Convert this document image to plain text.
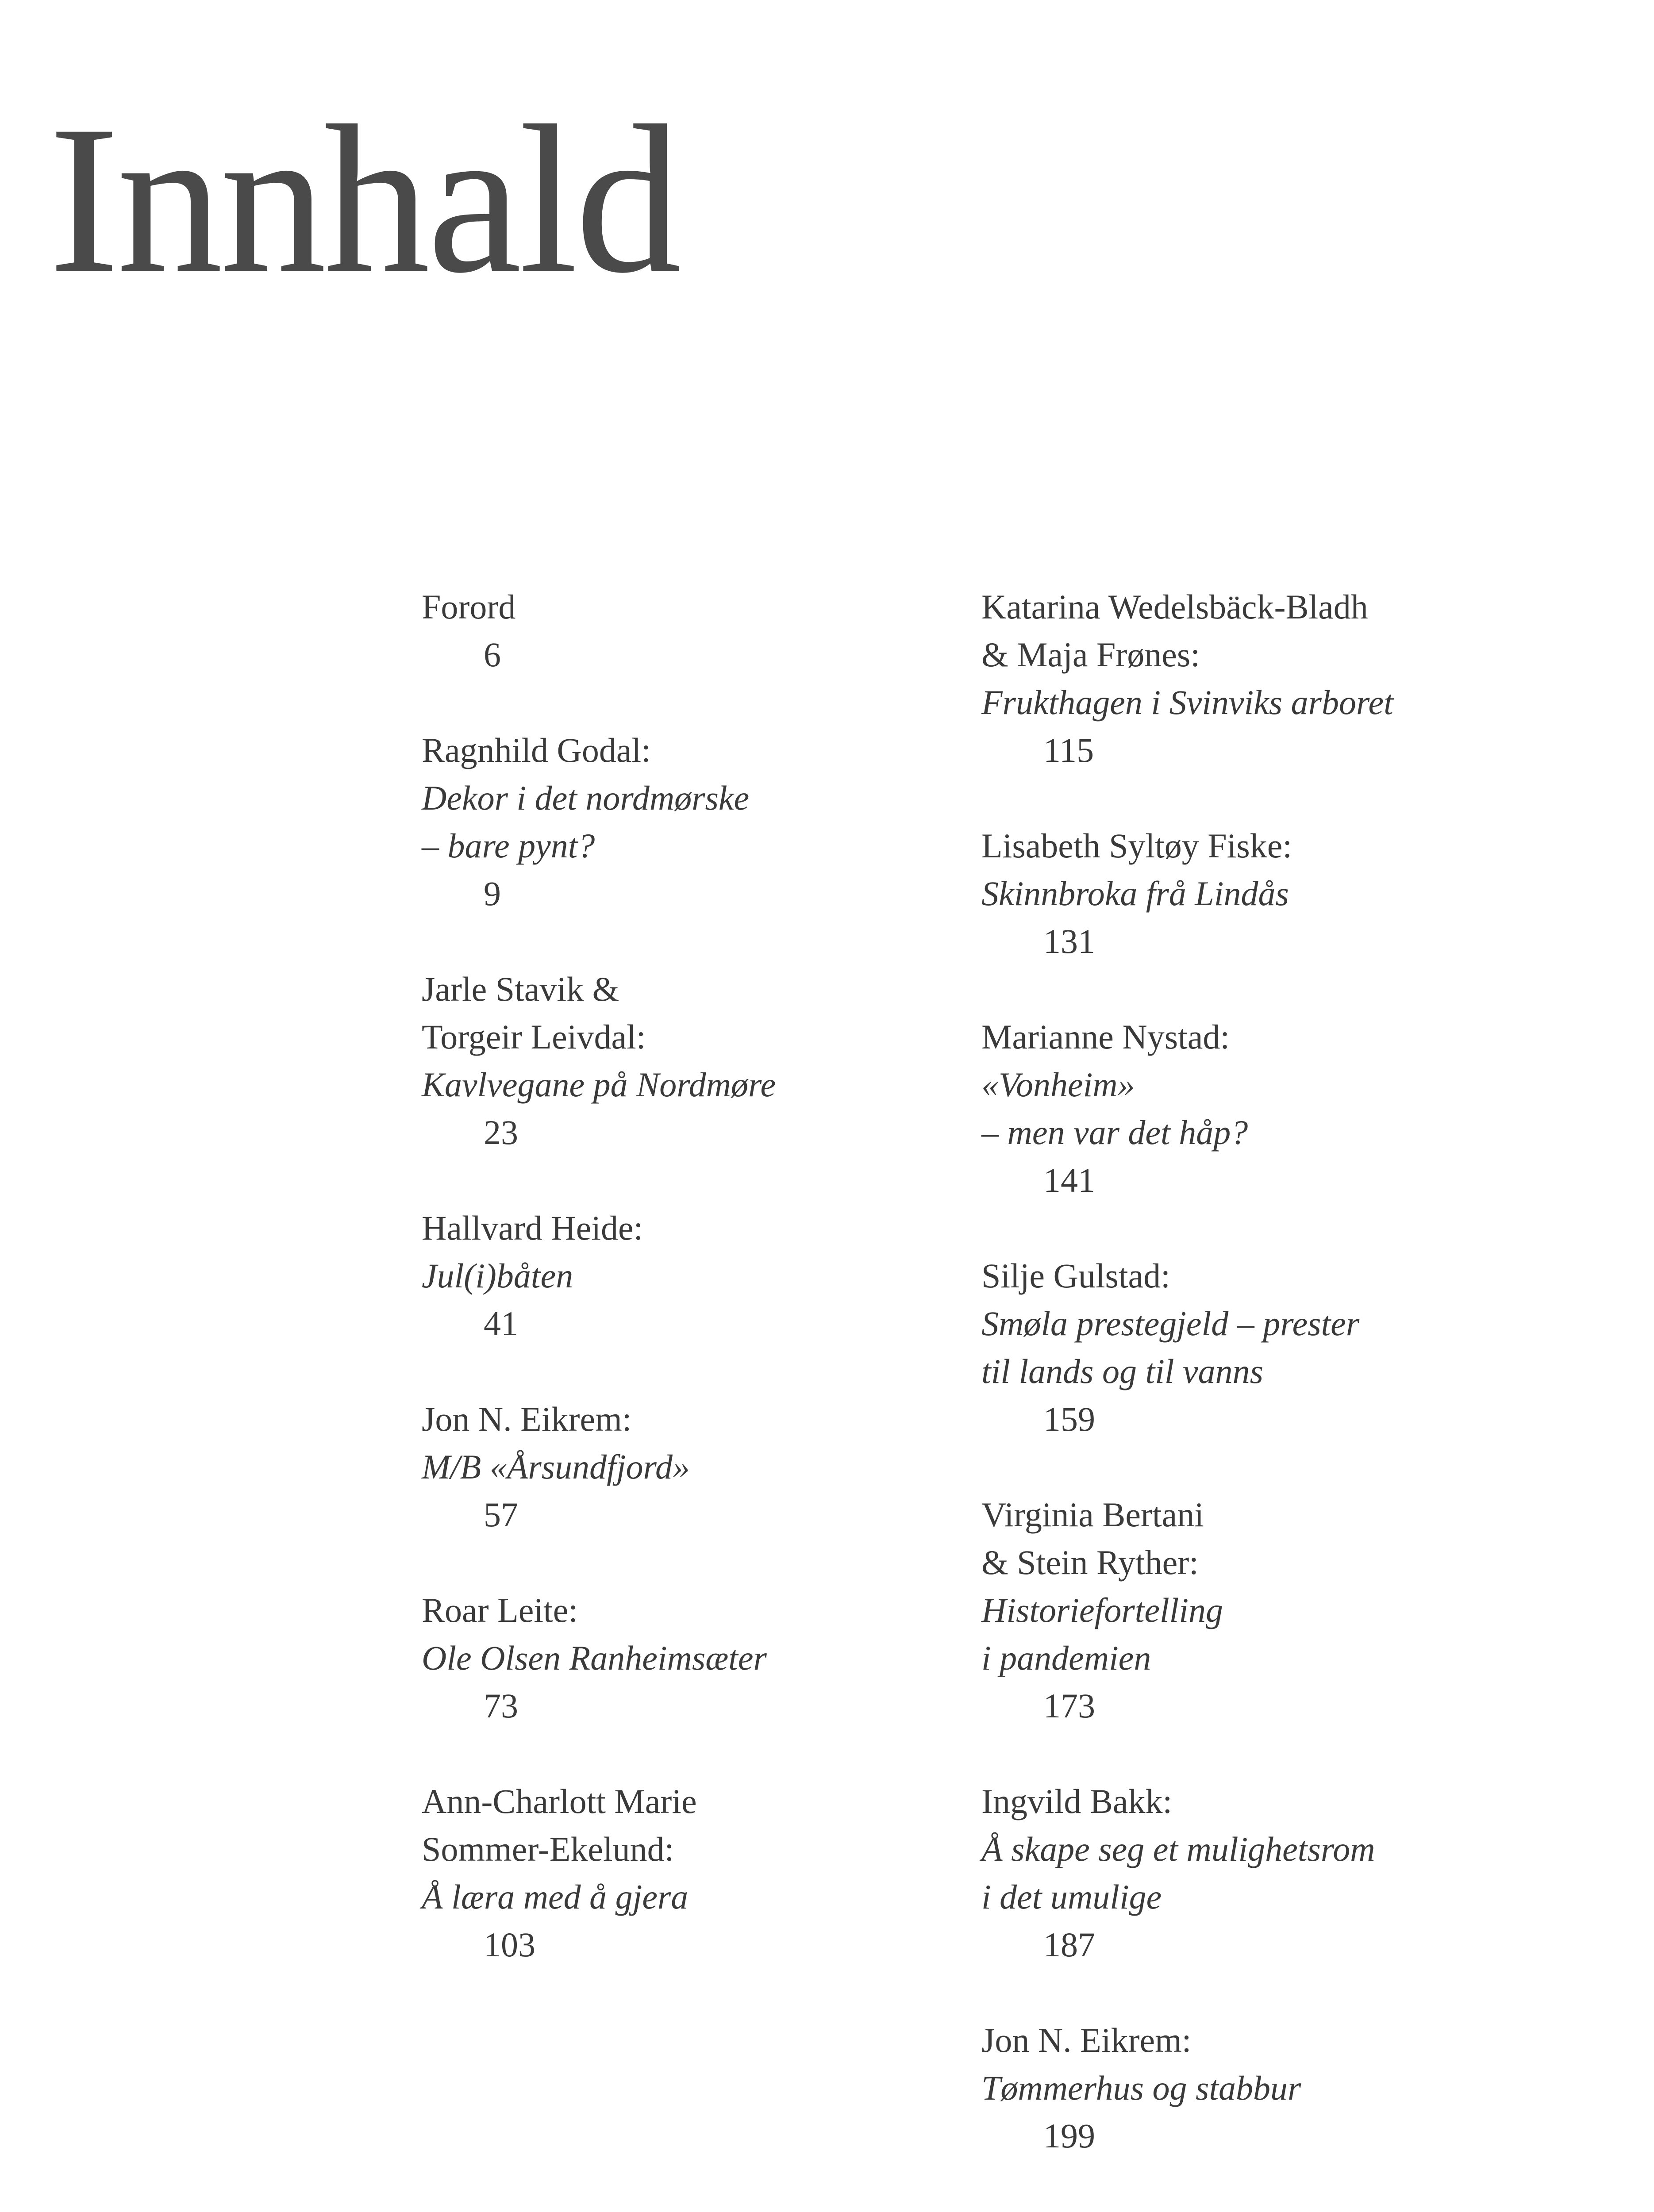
Innhald
Forord
6
Ragnhild Godal:
Dekor i det nordmørske
– bare pynt?
9
Jarle Stavik &
Torgeir Leivdal:
Kavlvegane på Nordmøre
23
Hallvard Heide:
Jul(i)båten
41
Jon N. Eikrem:
M/B «Årsundfjord»
57
Roar Leite:
Ole Olsen Ranheimsæter
73
Ann-Charlott Marie
Sommer-Ekelund:
Å læra med å gjera
103
Katarina Wedelsbäck-Bladh
& Maja Frønes:
Frukthagen i Svinviks arboret
115
Lisabeth Syltøy Fiske:
Skinnbroka frå Lindås
131
Marianne Nystad:
«Vonheim»
– men var det håp?
141
Silje Gulstad:
Smøla prestegjeld – prester
til lands og til vanns
159
Virginia Bertani
& Stein Ryther:
Historiefortelling
i pandemien
173
Ingvild Bakk:
Å skape seg et mulighetsrom
i det umulige
187
Jon N. Eikrem:
Tømmerhus og stabbur
199
